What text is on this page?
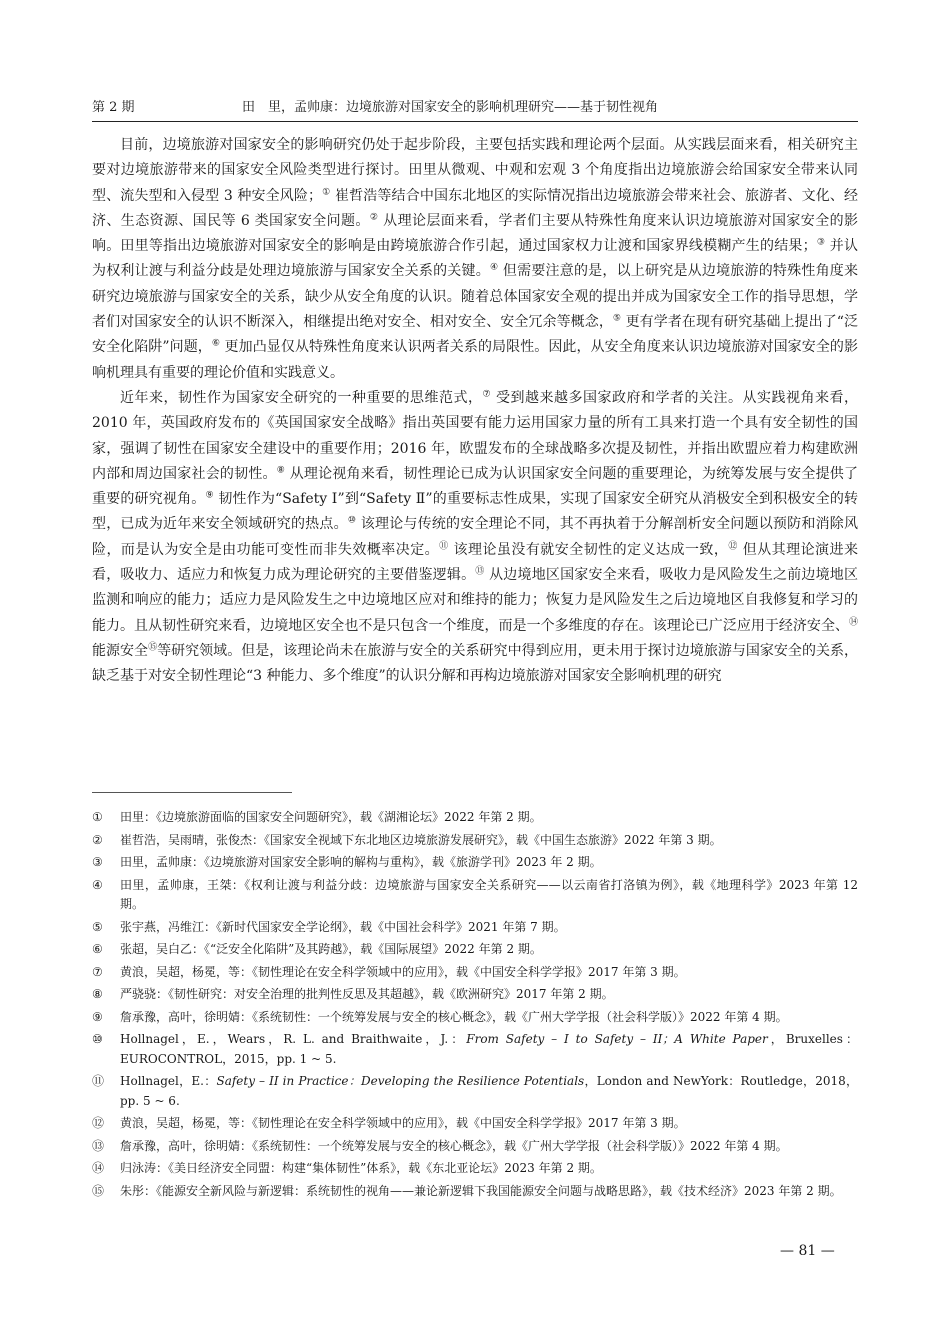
第 2 期	田　里，孟帅康：边境旅游对国家安全的影响机理研究——基于韧性视角

目前，边境旅游对国家安全的影响研究仍处于起步阶段，主要包括实践和理论两个层面。从实践层面来看，相关研究主要对边境旅游带来的国家安全风险类型进行探讨。田里从微观、中观和宏观 3 个角度指出边境旅游会给国家安全带来认同型、流失型和入侵型 3 种安全风险；① 崔哲浩等结合中国东北地区的实际情况指出边境旅游会带来社会、旅游者、文化、经济、生态资源、国民等 6 类国家安全问题。② 从理论层面来看，学者们主要从特殊性角度来认识边境旅游对国家安全的影响。田里等指出边境旅游对国家安全的影响是由跨境旅游合作引起，通过国家权力让渡和国家界线模糊产生的结果；③ 并认为权利让渡与利益分歧是处理边境旅游与国家安全关系的关键。④ 但需要注意的是，以上研究是从边境旅游的特殊性角度来研究边境旅游与国家安全的关系，缺少从安全角度的认识。随着总体国家安全观的提出并成为国家安全工作的指导思想，学者们对国家安全的认识不断深入，相继提出绝对安全、相对安全、安全冗余等概念，⑤ 更有学者在现有研究基础上提出了“泛安全化陷阱”问题，⑥ 更加凸显仅从特殊性角度来认识两者关系的局限性。因此，从安全角度来认识边境旅游对国家安全的影响机理具有重要的理论价值和实践意义。

近年来，韧性作为国家安全研究的一种重要的思维范式，⑦ 受到越来越多国家政府和学者的关注。从实践视角来看，2010 年，英国政府发布的《英国国家安全战略》指出英国要有能力运用国家力量的所有工具来打造一个具有安全韧性的国家，强调了韧性在国家安全建设中的重要作用；2016 年，欧盟发布的全球战略多次提及韧性，并指出欧盟应着力构建欧洲内部和周边国家社会的韧性。⑧ 从理论视角来看，韧性理论已成为认识国家安全问题的重要理论，为统筹发展与安全提供了重要的研究视角。⑨ 韧性作为“Safety Ⅰ”到“Safety Ⅱ”的重要标志性成果，实现了国家安全研究从消极安全到积极安全的转型，已成为近年来安全领域研究的热点。⑩ 该理论与传统的安全理论不同，其不再执着于分解剖析安全问题以预防和消除风险，而是认为安全是由功能可变性而非失效概率决定。⑪ 该理论虽没有就安全韧性的定义达成一致，⑫ 但从其理论演进来看，吸收力、适应力和恢复力成为理论研究的主要借鉴逻辑。⑬ 从边境地区国家安全来看，吸收力是风险发生之前边境地区监测和响应的能力；适应力是风险发生之中边境地区应对和维持的能力；恢复力是风险发生之后边境地区自我修复和学习的能力。且从韧性研究来看，边境地区安全也不是只包含一个维度，而是一个多维度的存在。该理论已广泛应用于经济安全、⑭ 能源安全⑮等研究领域。但是，该理论尚未在旅游与安全的关系研究中得到应用，更未用于探讨边境旅游与国家安全的关系，缺乏基于对安全韧性理论“3 种能力、多个维度”的认识分解和再构边境旅游对国家安全影响机理的研究

①	田里：《边境旅游面临的国家安全问题研究》，载《湖湘论坛》2022 年第 2 期。
②	崔哲浩，吴雨晴，张俊杰：《国家安全视域下东北地区边境旅游发展研究》，载《中国生态旅游》2022 年第 3 期。
③	田里，孟帅康：《边境旅游对国家安全影响的解构与重构》，载《旅游学刊》2023 年 2 期。
④	田里，孟帅康，王桀：《权利让渡与利益分歧：边境旅游与国家安全关系研究——以云南省打洛镇为例》，载《地理科学》2023 年第 12 期。
⑤	张宇燕，冯维江：《新时代国家安全学论纲》，载《中国社会科学》2021 年第 7 期。
⑥	张超，吴白乙：《“泛安全化陷阱”及其跨越》，载《国际展望》2022 年第 2 期。
⑦	黄浪，吴超，杨冕，等：《韧性理论在安全科学领域中的应用》，载《中国安全科学学报》2017 年第 3 期。
⑧	严骁骁：《韧性研究：对安全治理的批判性反思及其超越》，载《欧洲研究》2017 年第 2 期。
⑨	詹承豫，高叶，徐明婧：《系统韧性：一个统筹发展与安全的核心概念》，载《广州大学学报（社会科学版）》2022 年第 4 期。
⑩	Hollnagel，E.，Wears，R. L. and Braithwaite，J.：From Safety – I to Safety – II；A White Paper，Bruxelles：EUROCONTROL，2015，pp. 1 ~ 5.
⑪	Hollnagel，E.：Safety – II in Practice：Developing the Resilience Potentials，London and NewYork：Routledge，2018，pp. 5 ~ 6.
⑫	黄浪，吴超，杨冕，等：《韧性理论在安全科学领域中的应用》，载《中国安全科学学报》2017 年第 3 期。
⑬	詹承豫，高叶，徐明婧：《系统韧性：一个统筹发展与安全的核心概念》，载《广州大学学报（社会科学版）》2022 年第 4 期。
⑭	归泳涛：《美日经济安全同盟：构建“集体韧性”体系》，载《东北亚论坛》2023 年第 2 期。
⑮	朱彤：《能源安全新风险与新逻辑：系统韧性的视角——兼论新逻辑下我国能源安全问题与战略思路》，载《技术经济》2023 年第 2 期。
— 81 —
